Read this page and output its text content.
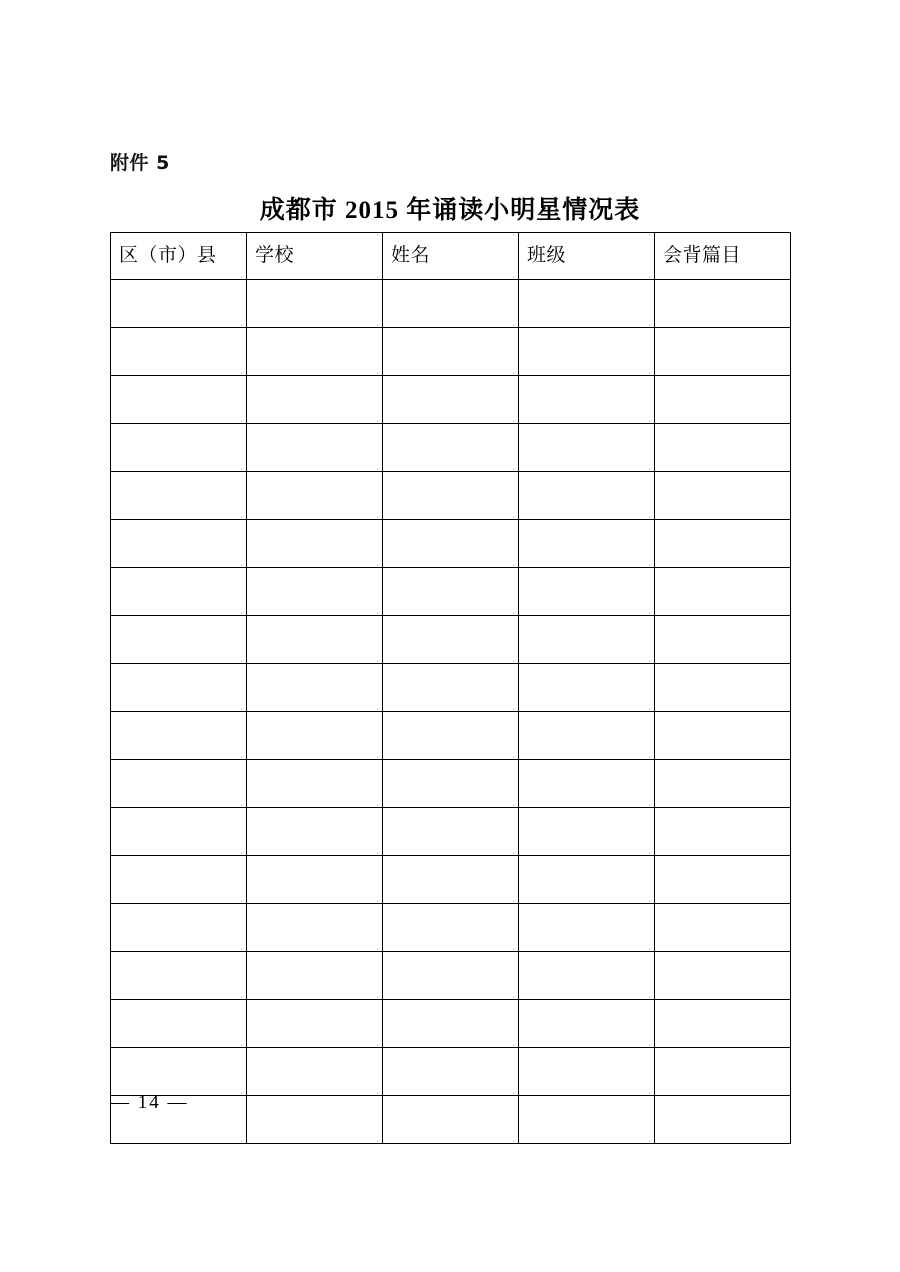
附件 5
成都市 2015 年诵读小明星情况表
区（市）县	学校	姓名	班级	会背篇目

— 14 —
